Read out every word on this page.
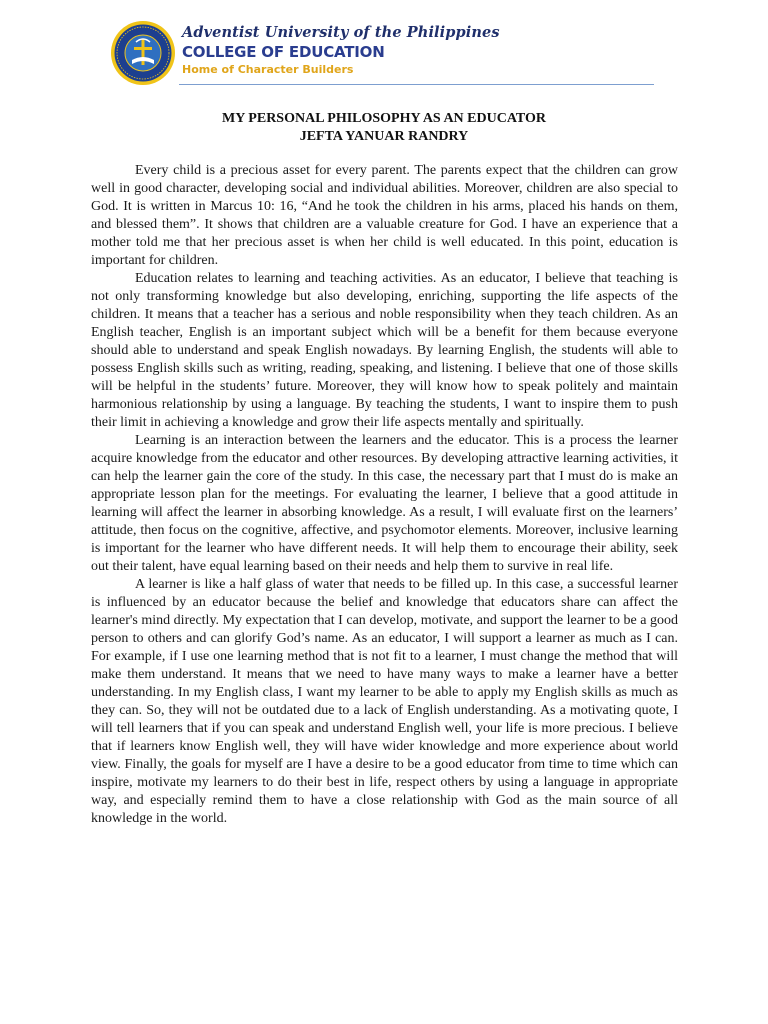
Adventist University of the Philippines
COLLEGE OF EDUCATION
Home of Character Builders
MY PERSONAL PHILOSOPHY AS AN EDUCATOR
JEFTA YANUAR RANDRY

Every child is a precious asset for every parent. The parents expect that the children can grow well in good character, developing social and individual abilities. Moreover, children are also special to God. It is written in Marcus 10: 16, “And he took the children in his arms, placed his hands on them, and blessed them”. It shows that children are a valuable creature for God. I have an experience that a mother told me that her precious asset is when her child is well educated. In this point, education is important for children.

Education relates to learning and teaching activities. As an educator, I believe that teaching is not only transforming knowledge but also developing, enriching, supporting the life aspects of the children. It means that a teacher has a serious and noble responsibility when they teach children. As an English teacher, English is an important subject which will be a benefit for them because everyone should able to understand and speak English nowadays. By learning English, the students will able to possess English skills such as writing, reading, speaking, and listening. I believe that one of those skills will be helpful in the students’ future. Moreover, they will know how to speak politely and maintain harmonious relationship by using a language. By teaching the students, I want to inspire them to push their limit in achieving a knowledge and grow their life aspects mentally and spiritually.

Learning is an interaction between the learners and the educator. This is a process the learner acquire knowledge from the educator and other resources. By developing attractive learning activities, it can help the learner gain the core of the study. In this case, the necessary part that I must do is make an appropriate lesson plan for the meetings. For evaluating the learner, I believe that a good attitude in learning will affect the learner in absorbing knowledge. As a result, I will evaluate first on the learners’ attitude, then focus on the cognitive, affective, and psychomotor elements. Moreover, inclusive learning is important for the learner who have different needs. It will help them to encourage their ability, seek out their talent, have equal learning based on their needs and help them to survive in real life.

A learner is like a half glass of water that needs to be filled up. In this case, a successful learner is influenced by an educator because the belief and knowledge that educators share can affect the learner's mind directly. My expectation that I can develop, motivate, and support the learner to be a good person to others and can glorify God’s name. As an educator, I will support a learner as much as I can. For example, if I use one learning method that is not fit to a learner, I must change the method that will make them understand. It means that we need to have many ways to make a learner have a better understanding. In my English class, I want my learner to be able to apply my English skills as much as they can. So, they will not be outdated due to a lack of English understanding. As a motivating quote, I will tell learners that if you can speak and understand English well, your life is more precious. I believe that if learners know English well, they will have wider knowledge and more experience about world view. Finally, the goals for myself are I have a desire to be a good educator from time to time which can inspire, motivate my learners to do their best in life, respect others by using a language in appropriate way, and especially remind them to have a close relationship with God as the main source of all knowledge in the world.
